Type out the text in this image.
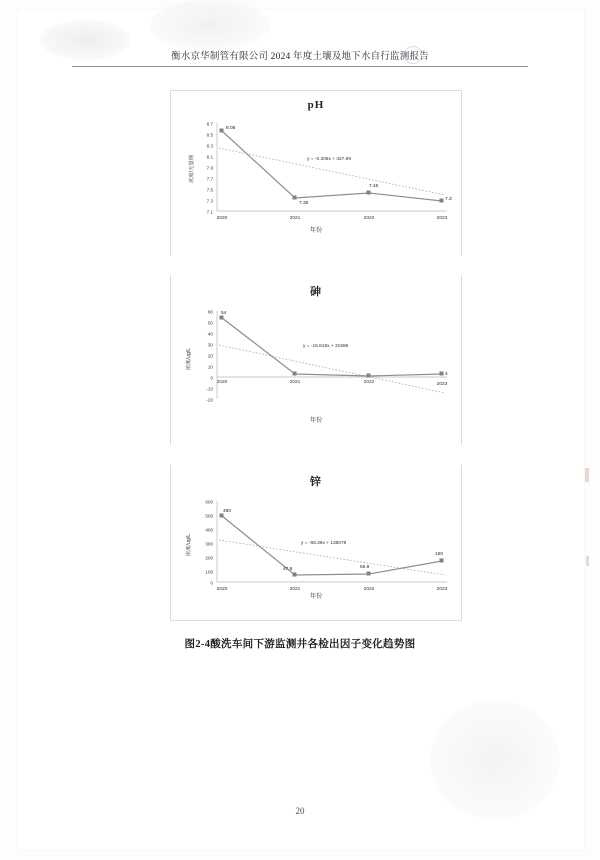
衡水京华制管有限公司 2024 年度土壤及地下水自行监测报告
pH
浓度/无量纲
8.7
8.5
8.3
8.1
7.9
7.7
7.5
7.3
7.1
8.08
7.35
7.45
7.3
y = -0.208x + 427.99
2020	2021	2022	2023
年份
砷
浓度/ug/L
60
50
40
30
20
10
0
-10
-20
54
4
y = -15.618x + 31586
2020	2021	2022	2023
年份
锌
浓度/ug/L
600
500
400
300
200
100
0
480
47.8	55.8
150
y = -68.39x + 138078
2020	2021	2022	2023
年份
图2-4酸洗车间下游监测井各检出因子变化趋势图
20
